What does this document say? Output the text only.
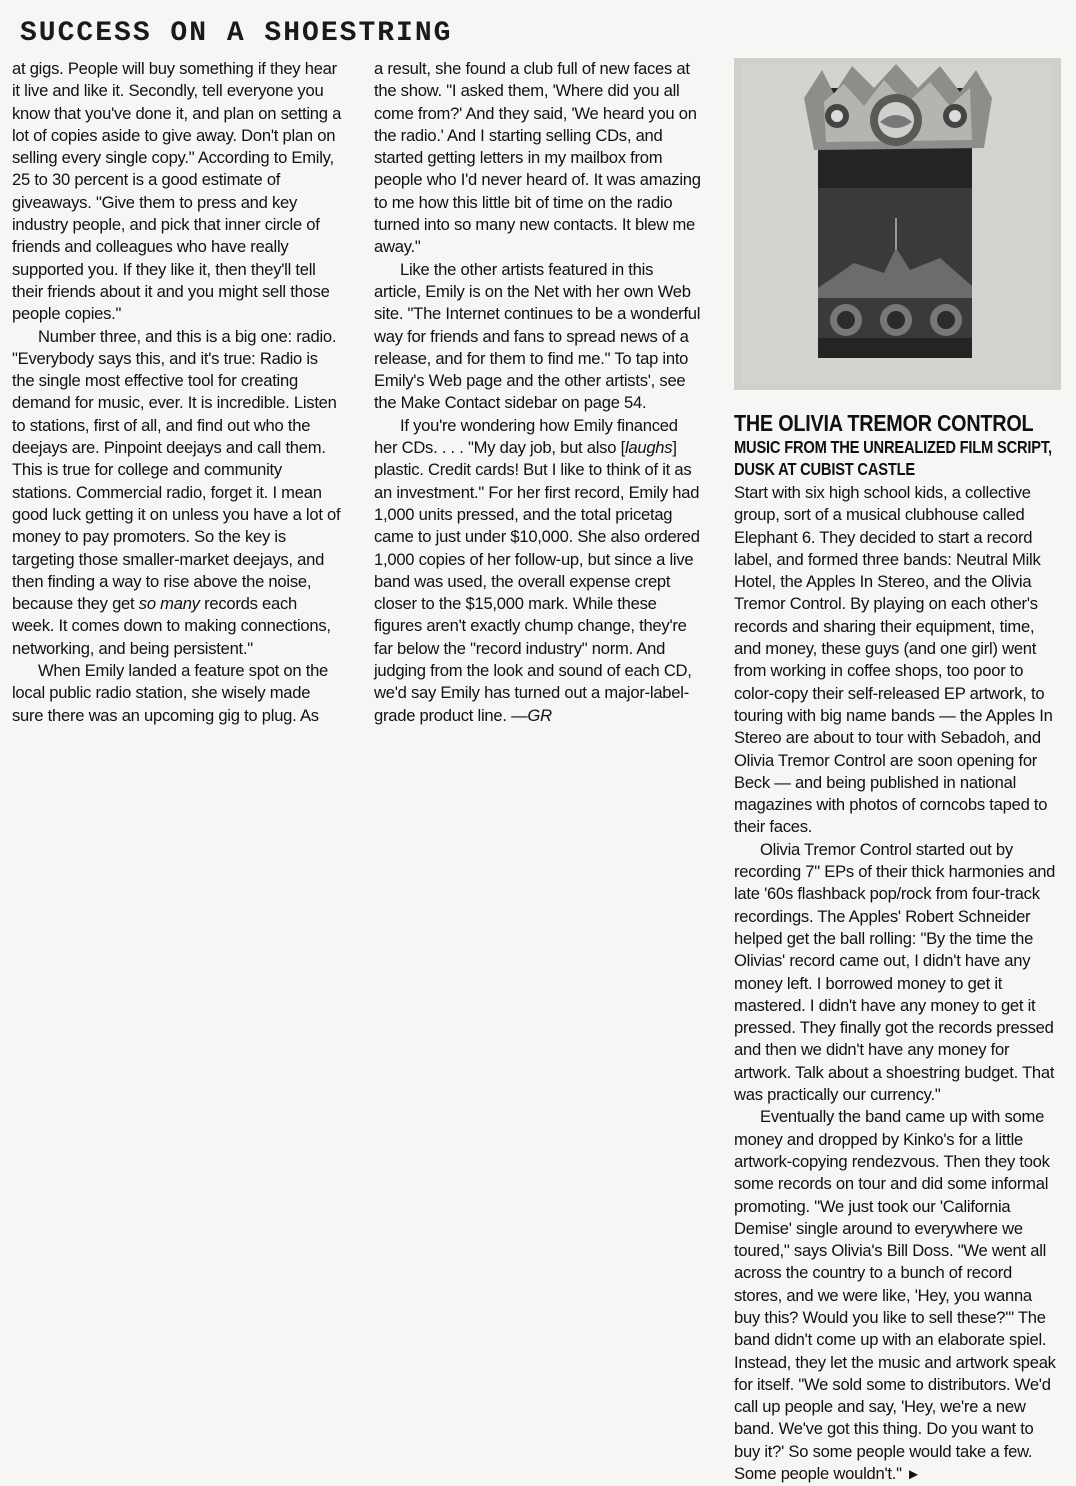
SUCCESS ON A SHOESTRING

at gigs. People will buy something if they hear it live and like it. Secondly, tell everyone you know that you've done it, and plan on setting a lot of copies aside to give away. Don't plan on selling every single copy." According to Emily, 25 to 30 percent is a good estimate of giveaways. "Give them to press and key industry people, and pick that inner circle of friends and colleagues who have really supported you. If they like it, then they'll tell their friends about it and you might sell those people copies."

Number three, and this is a big one: radio. "Everybody says this, and it's true: Radio is the single most effective tool for creating demand for music, ever. It is incredible. Listen to stations, first of all, and find out who the deejays are. Pinpoint deejays and call them. This is true for college and community stations. Commercial radio, forget it. I mean good luck getting it on unless you have a lot of money to pay promoters. So the key is targeting those smaller-market deejays, and then finding a way to rise above the noise, because they get so many records each week. It comes down to making connections, networking, and being persistent."

When Emily landed a feature spot on the local public radio station, she wisely made sure there was an upcoming gig to plug. As

a result, she found a club full of new faces at the show. "I asked them, 'Where did you all come from?' And they said, 'We heard you on the radio.' And I starting selling CDs, and started getting letters in my mailbox from people who I'd never heard of. It was amazing to me how this little bit of time on the radio turned into so many new contacts. It blew me away."

Like the other artists featured in this article, Emily is on the Net with her own Web site. "The Internet continues to be a wonderful way for friends and fans to spread news of a release, and for them to find me." To tap into Emily's Web page and the other artists', see the Make Contact sidebar on page 54.

If you're wondering how Emily financed her CDs. . . . "My day job, but also [laughs] plastic. Credit cards! But I like to think of it as an investment." For her first record, Emily had 1,000 units pressed, and the total pricetag came to just under $10,000. She also ordered 1,000 copies of her follow-up, but since a live band was used, the overall expense crept closer to the $15,000 mark. While these figures aren't exactly chump change, they're far below the "record industry" norm. And judging from the look and sound of each CD, we'd say Emily has turned out a major-label-grade product line. —GR

THE OLIVIA TREMOR CONTROL
MUSIC FROM THE UNREALIZED FILM SCRIPT,
DUSK AT CUBIST CASTLE

Start with six high school kids, a collective group, sort of a musical clubhouse called Elephant 6. They decided to start a record label, and formed three bands: Neutral Milk Hotel, the Apples In Stereo, and the Olivia Tremor Control. By playing on each other's records and sharing their equipment, time, and money, these guys (and one girl) went from working in coffee shops, too poor to color-copy their self-released EP artwork, to touring with big name bands — the Apples In Stereo are about to tour with Sebadoh, and Olivia Tremor Control are soon opening for Beck — and being published in national magazines with photos of corncobs taped to their faces.

Olivia Tremor Control started out by recording 7" EPs of their thick harmonies and late '60s flashback pop/rock from four-track recordings. The Apples' Robert Schneider helped get the ball rolling: "By the time the Olivias' record came out, I didn't have any money left. I borrowed money to get it mastered. I didn't have any money to get it pressed. They finally got the records pressed and then we didn't have any money for artwork. Talk about a shoestring budget. That was practically our currency."

Eventually the band came up with some money and dropped by Kinko's for a little artwork-copying rendezvous. Then they took some records on tour and did some informal promoting. "We just took our 'California Demise' single around to everywhere we toured," says Olivia's Bill Doss. "We went all across the country to a bunch of record stores, and we were like, 'Hey, you wanna buy this? Would you like to sell these?'" The band didn't come up with an elaborate spiel. Instead, they let the music and artwork speak for itself. "We sold some to distributors. We'd call up people and say, 'Hey, we're a new band. We've got this thing. Do you want to buy it?' So some people would take a few. Some people wouldn't." ►
